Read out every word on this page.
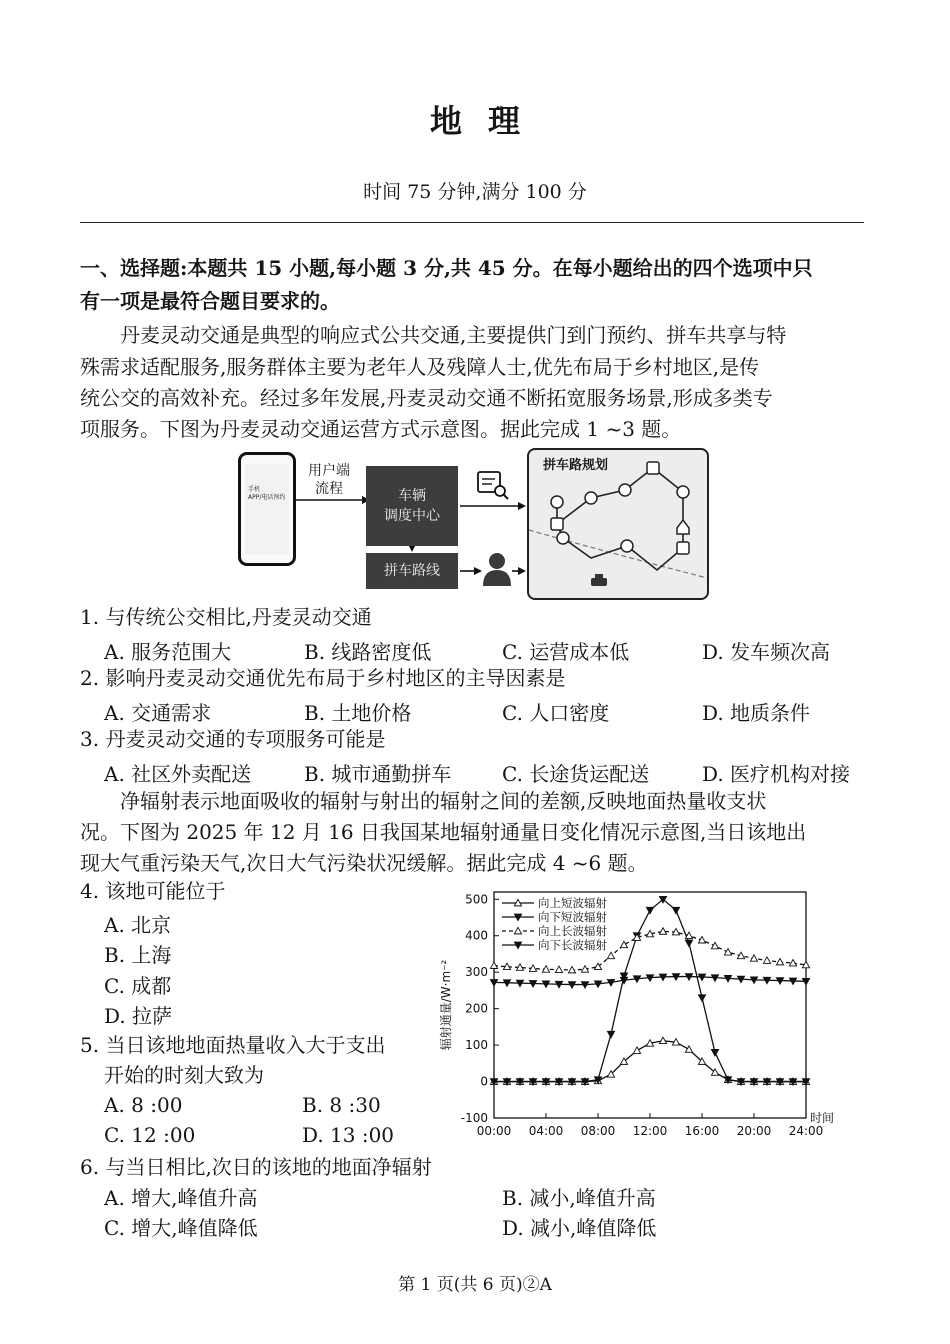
地理
时间 75 分钟,满分 100 分
一、选择题:本题共 15 小题,每小题 3 分,共 45 分。在每小题给出的四个选项中只
有一项是最符合题目要求的。
丹麦灵动交通是典型的响应式公共交通,主要提供门到门预约、拼车共享与特
殊需求适配服务,服务群体主要为老年人及残障人士,优先布局于乡村地区,是传
统公交的高效补充。经过多年发展,丹麦灵动交通不断拓宽服务场景,形成多类专
项服务。下图为丹麦灵动交通运营方式示意图。据此完成 1 ~3 题。
手机
APP/电话预约
用户端
流程	车辆
调度中心
拼车路线
拼车路规划
1. 与传统公交相比,丹麦灵动交通
A. 服务范围大	B. 线路密度低	C. 运营成本低	D. 发车频次高
2. 影响丹麦灵动交通优先布局于乡村地区的主导因素是
A. 交通需求	B. 土地价格	C. 人口密度	D. 地质条件
3. 丹麦灵动交通的专项服务可能是
A. 社区外卖配送	B. 城市通勤拼车	C. 长途货运配送	D. 医疗机构对接
净辐射表示地面吸收的辐射与射出的辐射之间的差额,反映地面热量收支状
况。下图为 2025 年 12 月 16 日我国某地辐射通量日变化情况示意图,当日该地出
现大气重污染天气,次日大气污染状况缓解。据此完成 4 ~6 题。
4. 该地可能位于
A. 北京
B. 上海
C. 成都
D. 拉萨
5. 当日该地地面热量收入大于支出
开始的时刻大致为
A. 8 :00	B. 8 :30
C. 12 :00	D. 13 :00
6. 与当日相比,次日的该地的地面净辐射
A. 增大,峰值升高	B. 减小,峰值升高
C. 增大,峰值降低	D. 减小,峰值降低
-100
0
100
200
300
400
500
00:00 04:00 08:00 12:00 16:00 20:00 24:00
时间
辐射通量/W·m⁻²
向上短波辐射
向下短波辐射
向上长波辐射
向下长波辐射
第 1 页(共 6 页)②A
